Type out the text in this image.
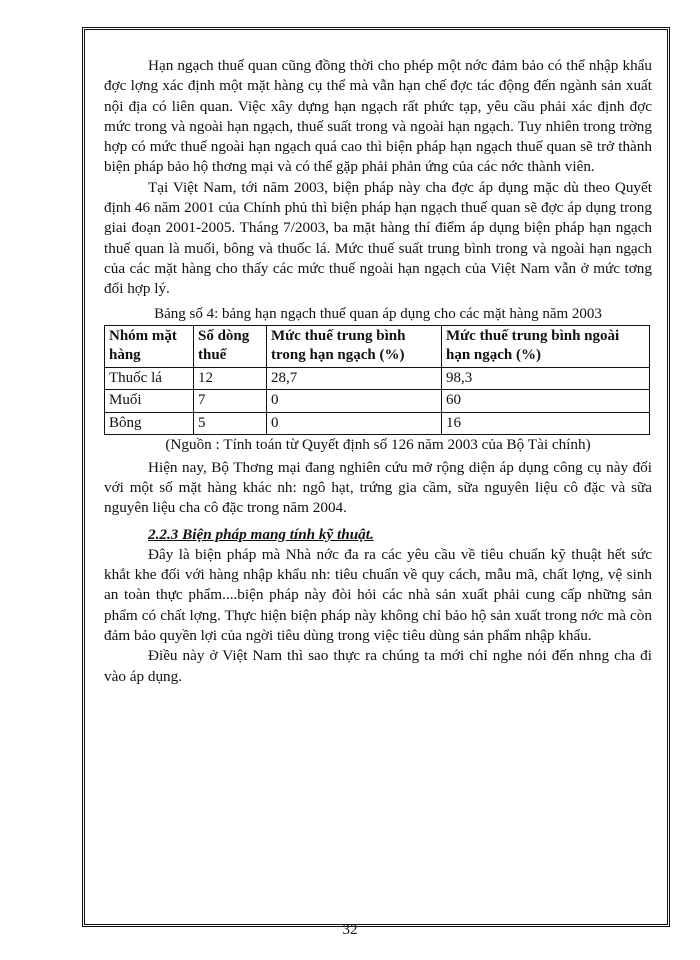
Hạn ngạch thuế quan cũng đồng thời cho phép một nớc đảm bảo có thể nhập khẩu đợc lợng xác định một mặt hàng cụ thể mà vẫn hạn chế đợc tác động đến ngành sản xuất nội địa có liên quan. Việc xây dựng hạn ngạch rất phức tạp, yêu cầu phải xác định đợc mức trong và ngoài hạn ngạch, thuế suất trong và ngoài hạn ngạch. Tuy nhiên trong trờng hợp có mức thuế ngoài hạn ngạch quá cao thì biện pháp hạn ngạch thuế quan sẽ trở thành biện pháp bảo hộ thơng mại và có thể gặp phải phản ứng của các nớc thành viên.

Tại Việt Nam, tới năm 2003, biện pháp này cha đợc áp dụng mặc dù theo Quyết định 46 năm 2001 của Chính phủ thì biện pháp hạn ngạch thuế quan sẽ đợc áp dụng trong giai đoạn 2001-2005. Tháng 7/2003, ba mặt hàng thí điểm áp dụng biện pháp hạn ngạch thuế quan là muối, bông và thuốc lá. Mức thuế suất trung bình trong và ngoài hạn ngạch của các mặt hàng cho thấy các mức thuế ngoài hạn ngạch của Việt Nam vẫn ở mức tơng đối hợp lý.

Bảng số 4: bảng hạn ngạch thuế quan áp dụng cho các mặt hàng năm 2003
Nhóm mặt hàng	Số dòng thuế	Mức thuế trung bình trong hạn ngạch (%)	Mức thuế trung bình ngoài hạn ngạch (%)
Thuốc lá	12	28,7	98,3
Muối	7	0	60
Bông	5	0	16
(Nguồn : Tính toán từ Quyết định số 126 năm 2003 của Bộ Tài chính)

Hiện nay, Bộ Thơng mại đang nghiên cứu mở rộng diện áp dụng công cụ này đối với một số mặt hàng khác nh: ngô hạt, trứng gia cầm, sữa nguyên liệu cô đặc và sữa nguyên liệu cha cô đặc trong năm 2004.

2.2.3 Biện pháp mang tính kỹ thuật.

Đây là biện pháp mà Nhà nớc đa ra các yêu cầu về tiêu chuẩn kỹ thuật hết sức khắt khe đối với hàng nhập khẩu nh: tiêu chuẩn về quy cách, mẫu mã, chất lợng, vệ sinh an toàn thực phẩm....biện pháp này đòi hỏi các nhà sản xuất phải cung cấp những sản phẩm có chất lợng. Thực hiện biện pháp này không chỉ bảo hộ sản xuất trong nớc mà còn đảm bảo quyền lợi của ngời tiêu dùng trong việc tiêu dùng sản phẩm nhập khẩu.

Điều này ở Việt Nam thì sao thực ra chúng ta mới chỉ nghe nói đến nhng cha đi vào áp dụng.

32
